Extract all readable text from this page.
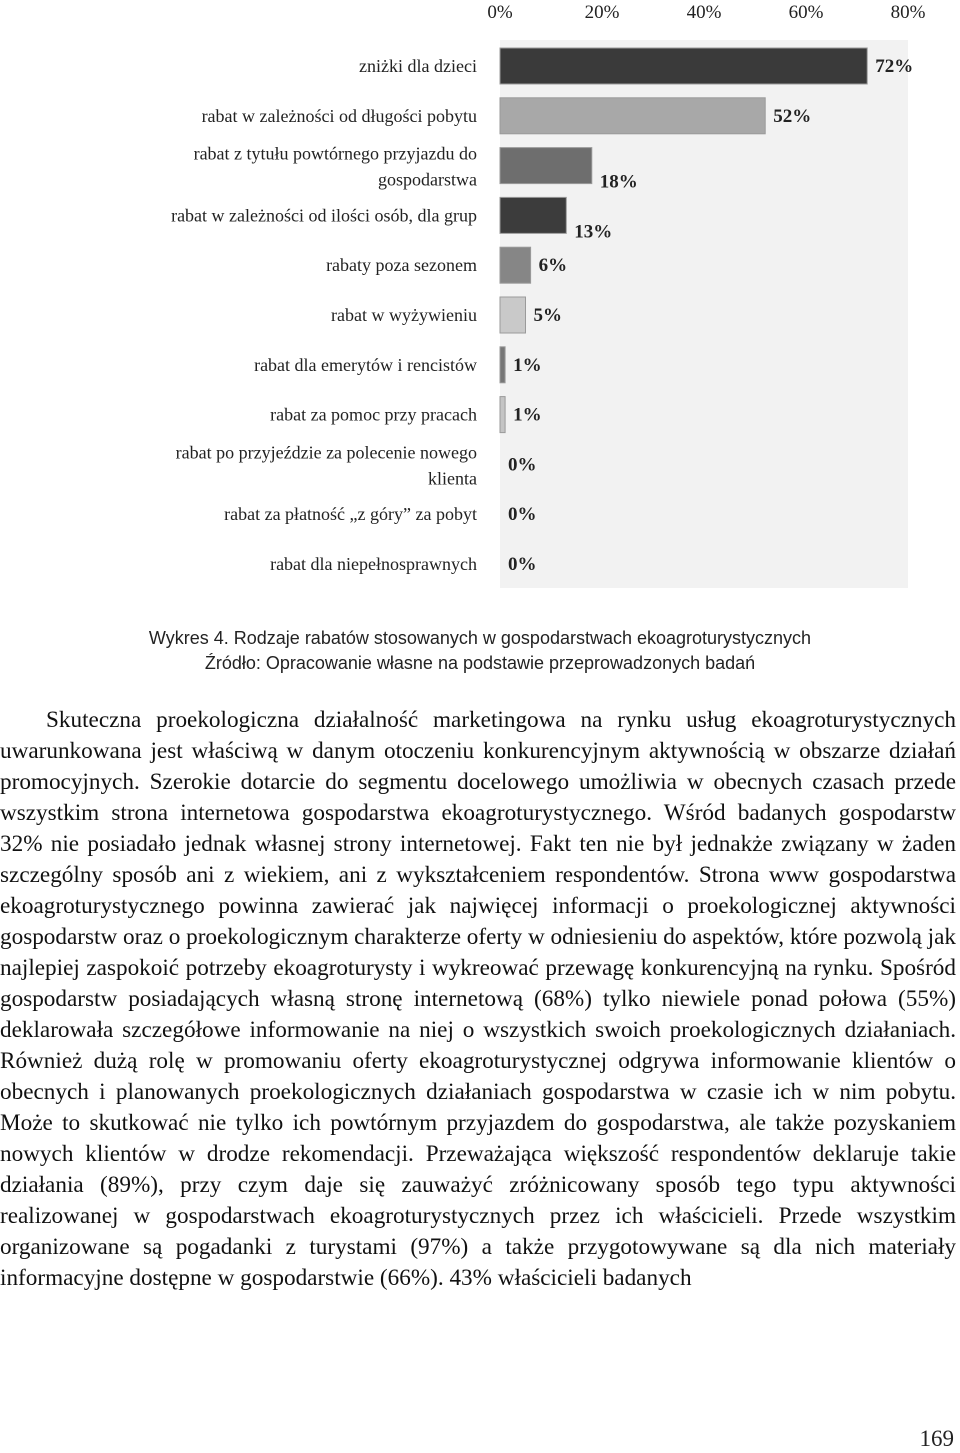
0%	20%	40%	60%	80%
zniżki dla dzieci
rabat w zależności od długości pobytu
rabat z tytułu powtórnego przyjazdu do gospodarstwa
rabat w zależności od ilości osób, dla grup
rabaty poza sezonem
rabat w wyżywieniu
rabat dla emerytów i rencistów
rabat za pomoc przy pracach
rabat po przyjeździe za polecenie nowego klienta
rabat za płatność „z góry” za pobyt
rabat dla niepełnosprawnych
72%
52%
18%
13%
6%
5%
1%
1%
0%
0%
0%
Wykres 4. Rodzaje rabatów stosowanych w gospodarstwach ekoagroturystycznych
Źródło: Opracowanie własne na podstawie przeprowadzonych badań

Skuteczna proekologiczna działalność marketingowa na rynku usług ekoagroturystycznych uwarunkowana jest właściwą w danym otoczeniu konkurencyjnym aktywnością w obszarze działań promocyjnych. Szerokie dotarcie do segmentu docelowego umożliwia w obecnych czasach przede wszystkim strona internetowa gospodarstwa ekoagroturystycznego. Wśród badanych gospodarstw 32% nie posiadało jednak własnej strony internetowej. Fakt ten nie był jednakże związany w żaden szczególny sposób ani z wiekiem, ani z wykształceniem respondentów. Strona www gospodarstwa ekoagroturystycznego powinna zawierać jak najwięcej informacji o proekologicznej aktywności gospodarstw oraz o proekologicznym charakterze oferty w odniesieniu do aspektów, które pozwolą jak najlepiej zaspokoić potrzeby ekoagroturysty i wykreować przewagę konkurencyjną na rynku. Spośród gospodarstw posiadających własną stronę internetową (68%) tylko niewiele ponad połowa (55%) deklarowała szczegółowe informowanie na niej o wszystkich swoich proekologicznych działaniach. Również dużą rolę w promowaniu oferty ekoagroturystycznej odgrywa informowanie klientów o obecnych i planowanych proekologicznych działaniach gospodarstwa w czasie ich w nim pobytu. Może to skutkować nie tylko ich powtórnym przyjazdem do gospodarstwa, ale także pozyskaniem nowych klientów w drodze rekomendacji. Przeważająca większość respondentów deklaruje takie działania (89%), przy czym daje się zauważyć zróżnicowany sposób tego typu aktywności realizowanej w gospodarstwach ekoagroturystycznych przez ich właścicieli. Przede wszystkim organizowane są pogadanki z turystami (97%) a także przygotowywane są dla nich materiały informacyjne dostępne w gospodarstwie (66%). 43% właścicieli badanych

169
